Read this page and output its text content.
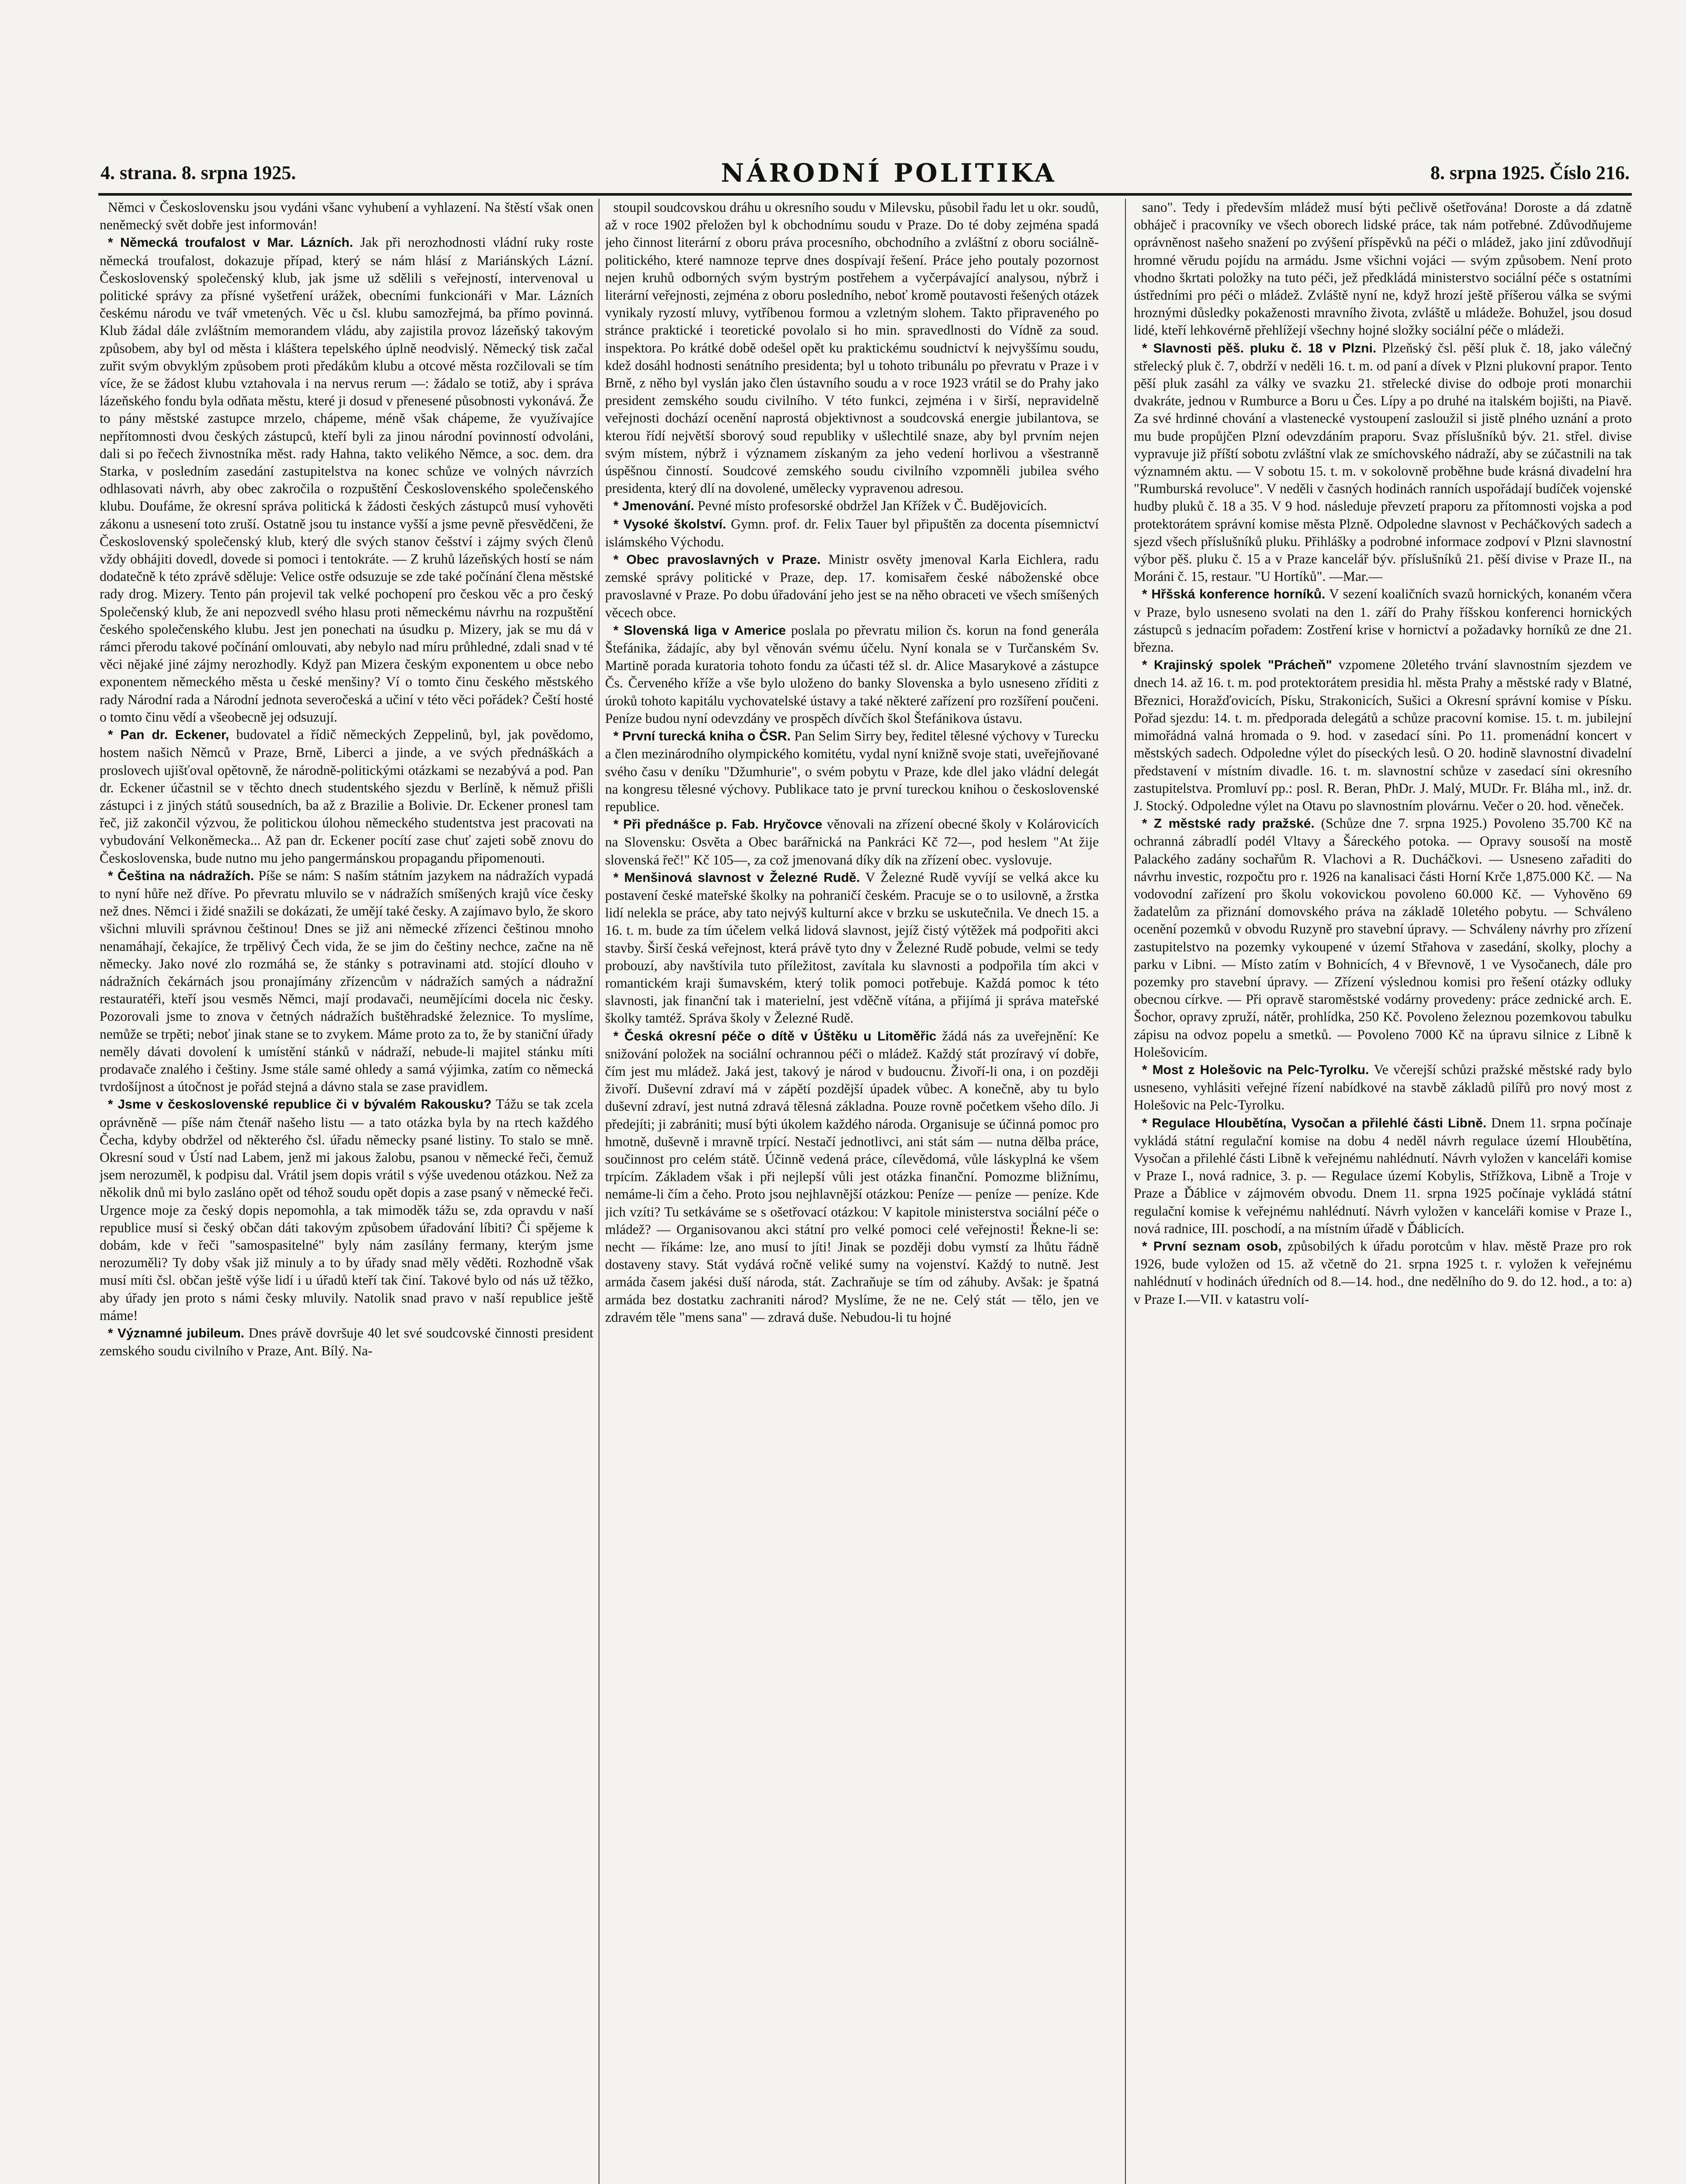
4. strana. 8. srpna 1925.	NÁRODNÍ POLITIKA	8. srpna 1925. Číslo 216.

Němci v Československu jsou vydáni všanc vyhubení a vyhlazení. Na štěstí však onen neněmecký svět dobře jest informován!

* Německá troufalost v Mar. Lázních. Jak při nerozhodnosti vládní ruky roste německá troufalost, dokazuje případ, který se nám hlásí z Mariánských Lázní. Československý společenský klub, jak jsme už sdělili s veřejností, intervenoval u politické správy za přísné vyšetření urážek, obecními funkcionáři v Mar. Lázních českému národu ve tvář vmetených. Věc u čsl. klubu samozřejmá, ba přímo povinná. Klub žádal dále zvláštním memorandem vládu, aby zajistila provoz lázeňský takovým způsobem, aby byl od města i kláštera tepelského úplně neodvislý. Německý tisk začal zuřit svým obvyklým způsobem proti předákům klubu a otcové města rozčilovali se tím více, že se žádost klubu vztahovala i na nervus rerum —: žádalo se totiž, aby i správa lázeňského fondu byla odňata městu, které ji dosud v přenesené působnosti vykonává. Že to pány městské zastupce mrzelo, chápeme, méně však chápeme, že využívajíce nepřítomnosti dvou českých zástupců, kteří byli za jinou národní povinností odvoláni, dali si po řečech živnostníka měst. rady Hahna, takto velikého Němce, a soc. dem. dra Starka, v posledním zasedání zastupitelstva na konec schůze ve volných návrzích odhlasovati návrh, aby obec zakročila o rozpuštění Československého společenského klubu. Doufáme, že okresní správa politická k žádosti českých zástupců musí vyhověti zákonu a usnesení toto zruší. Ostatně jsou tu instance vyšší a jsme pevně přesvědčeni, že Československý společenský klub, který dle svých stanov češství i zájmy svých členů vždy obhájiti dovedl, dovede si pomoci i tentokráte. — Z kruhů lázeňských hostí se nám dodatečně k této zprávě sděluje: Velice ostře odsuzuje se zde také počínání člena městské rady drog. Mizery. Tento pán projevil tak velké pochopení pro českou věc a pro český Společenský klub, že ani nepozvedl svého hlasu proti německému návrhu na rozpuštění českého společenského klubu. Jest jen ponechati na úsudku p. Mizery, jak se mu dá v rámci přerodu takové počínání omlouvati, aby nebylo nad míru průhledné, zdali snad v té věci nějaké jiné zájmy nerozhodly. Když pan Mizera českým exponentem u obce nebo exponentem německého města u české menšiny? Ví o tomto činu českého městského rady Národní rada a Národní jednota severočeská a učiní v této věci pořádek? Čeští hosté o tomto činu vědí a všeobecně jej odsuzují.

* Pan dr. Eckener, budovatel a řídič německých Zeppelinů, byl, jak povědomo, hostem našich Němců v Praze, Brně, Liberci a jinde, a ve svých přednáškách a proslovech ujišťoval opětovně, že národně-politickými otázkami se nezabývá a pod. Pan dr. Eckener účastnil se v těchto dnech studentského sjezdu v Berlíně, k němuž přišli zástupci i z jiných států sousedních, ba až z Brazilie a Bolivie. Dr. Eckener pronesl tam řeč, již zakončil výzvou, že politickou úlohou německého studentstva jest pracovati na vybudování Velkoněmecka... Až pan dr. Eckener pocítí zase chuť zajeti sobě znovu do Československa, bude nutno mu jeho pangermánskou propagandu připomenouti.

* Čeština na nádražích. Píše se nám: S naším státním jazykem na nádražích vypadá to nyní hůře než dříve. Po převratu mluvilo se v nádražích smíšených krajů více česky než dnes. Němci i židé snažili se dokázati, že umějí také česky. A zajímavo bylo, že skoro všichni mluvili správnou češtinou! Dnes se již ani německé zřízenci češtinou mnoho nenamáhají, čekajíce, že trpělivý Čech vida, že se jim do češtiny nechce, začne na ně německy. Jako nové zlo rozmáhá se, že stánky s potravinami atd. stojící dlouho v nádražních čekárnách jsou pronajímány zřízencům v nádražích samých a nádražní restauratéři, kteří jsou vesměs Němci, mají prodavači, neumějícími docela nic česky. Pozorovali jsme to znova v četných nádražích buštěhradské železnice. To myslíme, nemůže se trpěti; neboť jinak stane se to zvykem. Máme proto za to, že by staniční úřady neměly dávati dovolení k umístění stánků v nádraží, nebude-li majitel stánku míti prodavače znalého i češtiny. Jsme stále samé ohledy a samá výjimka, zatím co německá tvrdošíjnost a útočnost je pořád stejná a dávno stala se zase pravidlem.

* Jsme v československé republice či v bývalém Rakousku? Tážu se tak zcela oprávněně — píše nám čtenář našeho listu — a tato otázka byla by na rtech každého Čecha, kdyby obdržel od některého čsl. úřadu německy psané listiny. To stalo se mně. Okresní soud v Ústí nad Labem, jenž mi jakous žalobu, psanou v německé řeči, čemuž jsem nerozuměl, k podpisu dal. Vrátil jsem dopis vrátil s výše uvedenou otázkou. Než za několik dnů mi bylo zasláno opět od téhož soudu opět dopis a zase psaný v německé řeči. Urgence moje za český dopis nepomohla, a tak mimoděk tážu se, zda opravdu v naší republice musí si český občan dáti takovým způsobem úřadování líbiti? Či spějeme k dobám, kde v řeči "samospasitelné" byly nám zasílány fermany, kterým jsme nerozuměli? Ty doby však již minuly a to by úřady snad měly věděti. Rozhodně však musí míti čsl. občan ještě výše lidí i u úřadů kteří tak činí. Takové bylo od nás už těžko, aby úřady jen proto s námi česky mluvily. Natolik snad pravo v naší republice ještě máme!

* Významné jubileum. Dnes právě dovršuje 40 let své soudcovské činnosti president zemského soudu civilního v Praze, Ant. Bílý. Na-

stoupil soudcovskou dráhu u okresního soudu v Milevsku, působil řadu let u okr. soudů, až v roce 1902 přeložen byl k obchodnímu soudu v Praze. Do té doby zejména spadá jeho činnost literární z oboru práva procesního, obchodního a zvláštní z oboru sociálně-politického, které namnoze teprve dnes dospívají řešení. Práce jeho poutaly pozornost nejen kruhů odborných svým bystrým postřehem a vyčerpávající analysou, nýbrž i literární veřejnosti, zejména z oboru posledního, neboť kromě poutavosti řešených otázek vynikaly ryzostí mluvy, vytříbenou formou a vzletným slohem. Takto připraveného po stránce praktické i teoretické povolalo si ho min. spravedlnosti do Vídně za soud. inspektora. Po krátké době odešel opět ku praktickému soudnictví k nejvyššímu soudu, kdež dosáhl hodnosti senátního presidenta; byl u tohoto tribunálu po převratu v Praze i v Brně, z něho byl vyslán jako člen ústavního soudu a v roce 1923 vrátil se do Prahy jako president zemského soudu civilního. V této funkci, zejména i v širší, nepravidelně veřejnosti dochází ocenění naprostá objektivnost a soudcovská energie jubilantova, se kterou řídí největší sborový soud republiky v ušlechtilé snaze, aby byl prvním nejen svým místem, nýbrž i významem získaným za jeho vedení horlivou a všestranně úspěšnou činností. Soudcové zemského soudu civilního vzpomněli jubilea svého presidenta, který dlí na dovolené, umělecky vypravenou adresou.

* Jmenování. Pevné místo profesorské obdržel Jan Křížek v Č. Budějovicích.

* Vysoké školství. Gymn. prof. dr. Felix Tauer byl připuštěn za docenta písemnictví islámského Východu.

* Obec pravoslavných v Praze. Ministr osvěty jmenoval Karla Eichlera, radu zemské správy politické v Praze, dep. 17. komisařem české náboženské obce pravoslavné v Praze. Po dobu úřadování jeho jest se na něho obraceti ve všech smíšených věcech obce.

* Slovenská liga v Americe poslala po převratu milion čs. korun na fond generála Štefánika, žádajíc, aby byl věnován svému účelu. Nyní konala se v Turčanském Sv. Martině porada kuratoria tohoto fondu za účasti též sl. dr. Alice Masarykové a zástupce Čs. Červeného kříže a vše bylo uloženo do banky Slovenska a bylo usneseno zříditi z úroků tohoto kapitálu vychovatelské ústavy a také některé zařízení pro rozšíření poučeni. Peníze budou nyní odevzdány ve prospěch dívčích škol Štefánikova ústavu.

* První turecká kniha o ČSR. Pan Selim Sirry bey, ředitel tělesné výchovy v Turecku a člen mezinárodního olympického komitétu, vydal nyní knižně svoje stati, uveřejňované svého času v deníku "Džumhurie", o svém pobytu v Praze, kde dlel jako vládní delegát na kongresu tělesné výchovy. Publikace tato je první tureckou knihou o československé republice.

* Při přednášce p. Fab. Hryčovce věnovali na zřízení obecné školy v Kolárovicích na Slovensku: Osvěta a Obec barářnická na Pankráci Kč 72—, pod heslem "At žije slovenská řeč!" Kč 105—, za což jmenovaná díky dík na zřízení obec. vyslovuje.

* Menšinová slavnost v Železné Rudě. V Železné Rudě vyvíjí se velká akce ku postavení české mateřské školky na pohraničí českém. Pracuje se o to usilovně, a žrstka lidí nelekla se práce, aby tato nejvýš kulturní akce v brzku se uskutečnila. Ve dnech 15. a 16. t. m. bude za tím účelem velká lidová slavnost, jejíž čistý výtěžek má podpořiti akci stavby. Širší česká veřejnost, která právě tyto dny v Železné Rudě pobude, velmi se tedy probouzí, aby navštívila tuto příležitost, zavítala ku slavnosti a podpořila tím akci v romantickém kraji šumavském, který tolik pomoci potřebuje. Každá pomoc k této slavnosti, jak finanční tak i materielní, jest vděčně vítána, a přijímá ji správa mateřské školky tamtéž. Správa školy v Železné Rudě.

* Česká okresní péče o dítě v Úštěku u Litoměřic žádá nás za uveřejnění: Ke snižování položek na sociální ochrannou péči o mládež. Každý stát prozíravý ví dobře, čím jest mu mládež. Jaká jest, takový je národ v budoucnu. Živoří-li ona, i on později živoří. Duševní zdraví má v zápětí pozdější úpadek vůbec. A konečně, aby tu bylo duševní zdraví, jest nutná zdravá tělesná základna. Pouze rovně početkem všeho dílo. Ji předejíti; ji zabrániti; musí býti úkolem každého národa. Organisuje se účinná pomoc pro hmotně, duševně i mravně trpící. Nestačí jednotlivci, ani stát sám — nutna dělba práce, součinnost pro celém státě. Účinně vedená práce, cílevědomá, vůle láskyplná ke všem trpícím. Základem však i při nejlepší vůli jest otázka finanční. Pomozme bližnímu, nemáme-li čím a čeho. Proto jsou nejhlavnější otázkou: Peníze — peníze — peníze. Kde jich vzíti? Tu setkáváme se s ošetřovací otázkou: V kapitole ministerstva sociální péče o mládež? — Organisovanou akci státní pro velké pomoci celé veřejnosti! Řekne-li se: necht — říkáme: lze, ano musí to jíti! Jinak se později dobu vymstí za lhůtu řádně dostaveny stavy. Stát vydává ročně veliké sumy na vojenství. Každý to nutně. Jest armáda časem jakési duší národa, stát. Zachraňuje se tím od záhuby. Avšak: je špatná armáda bez dostatku zachraniti národ? Myslíme, že ne ne. Celý stát — tělo, jen ve zdravém těle "mens sana" — zdravá duše. Nebudou-li tu hojné

sano". Tedy i především mládež musí býti pečlivě ošetřována! Doroste a dá zdatně obháječ i pracovníky ve všech oborech lidské práce, tak nám potřebné. Zdůvodňujeme oprávněnost našeho snažení po zvýšení příspěvků na péči o mládež, jako jiní zdůvodňují hromné věrudu pojídu na armádu. Jsme všichni vojáci — svým způsobem. Není proto vhodno škrtati položky na tuto péči, jež předkládá ministerstvo sociální péče s ostatními ústředními pro péči o mládež. Zvláště nyní ne, když hrozí ještě příšerou válka se svými hroznými důsledky pokaženosti mravního života, zvláště u mládeže. Bohužel, jsou dosud lidé, kteří lehkovérně přehlížejí všechny hojné složky sociální péče o mládeži.

* Slavnosti pěš. pluku č. 18 v Plzni. Plzeňský čsl. pěší pluk č. 18, jako válečný střelecký pluk č. 7, obdrží v neděli 16. t. m. od paní a dívek v Plzni plukovní prapor. Tento pěší pluk zasáhl za války ve svazku 21. střelecké divise do odboje proti monarchii dvakráte, jednou v Rumburce a Boru u Čes. Lípy a po druhé na italském bojišti, na Piavě. Za své hrdinné chování a vlastenecké vystoupení zasloužil si jistě plného uznání a proto mu bude propůjčen Plzní odevzdáním praporu. Svaz příslušníků býv. 21. střel. divise vypravuje již příští sobotu zvláštní vlak ze smíchovského nádraží, aby se zúčastnili na tak významném aktu. — V sobotu 15. t. m. v sokolovně proběhne bude krásná divadelní hra "Rumburská revoluce". V neděli v časných hodinách ranních uspořádají budíček vojenské hudby pluků č. 18 a 35. V 9 hod. následuje převzetí praporu za přítomnosti vojska a pod protektorátem správní komise města Plzně. Odpoledne slavnost v Pecháčkových sadech a sjezd všech příslušníků pluku. Přihlášky a podrobné informace zodpoví v Plzni slavnostní výbor pěš. pluku č. 15 a v Praze kancelář býv. příslušníků 21. pěší divise v Praze II., na Moráni č. 15, restaur. "U Hortíků". —Mar.—

* Hřšská konference horníků. V sezení koaličních svazů hornických, konaném včera v Praze, bylo usneseno svolati na den 1. září do Prahy říšskou konferenci hornických zástupců s jednacím pořadem: Zostření krise v hornictví a požadavky horníků ze dne 21. března.

* Krajinský spolek "Prácheň" vzpomene 20letého trvání slavnostním sjezdem ve dnech 14. až 16. t. m. pod protektorátem presidia hl. města Prahy a městské rady v Blatné, Březnici, Horažďovicích, Písku, Strakonicích, Sušici a Okresní správní komise v Písku. Pořad sjezdu: 14. t. m. předporada delegátů a schůze pracovní komise. 15. t. m. jubilejní mimořádná valná hromada o 9. hod. v zasedací síni. Po 11. promenádní koncert v městských sadech. Odpoledne výlet do píseckých lesů. O 20. hodině slavnostní divadelní představení v místním divadle. 16. t. m. slavnostní schůze v zasedací síni okresního zastupitelstva. Promluví pp.: posl. R. Beran, PhDr. J. Malý, MUDr. Fr. Bláha ml., inž. dr. J. Stocký. Odpoledne výlet na Otavu po slavnostním plovárnu. Večer o 20. hod. věneček.

* Z městské rady pražské. (Schůze dne 7. srpna 1925.) Povoleno 35.700 Kč na ochranná zábradlí podél Vltavy a Šáreckého potoka. — Opravy sousoší na mostě Palackého zadány sochařům R. Vlachovi a R. Ducháčkovi. — Usneseno zařaditi do návrhu investic, rozpočtu pro r. 1926 na kanalisaci části Horní Krče 1,875.000 Kč. — Na vodovodní zařízení pro školu vokovickou povoleno 60.000 Kč. — Vyhověno 69 žadatelům za přiznání domovského práva na základě 10letého pobytu. — Schváleno ocenění pozemků v obvodu Ruzyně pro stavební úpravy. — Schváleny návrhy pro zřízení zastupitelstvo na pozemky vykoupené v území Střahova v zasedání, skolky, plochy a parku v Libni. — Místo zatím v Bohnicích, 4 v Břevnově, 1 ve Vysočanech, dále pro pozemky pro stavební úpravy. — Zřízení výslednou komisi pro řešení otázky odluky obecnou církve. — Při opravě staroměstské vodárny provedeny: práce zednické arch. E. Šochor, opravy zpruží, nátěr, prohlídka, 250 Kč. Povoleno železnou pozemkovou tabulku zápisu na odvoz popelu a smetků. — Povoleno 7000 Kč na úpravu silnice z Libně k Holešovicím.

* Most z Holešovic na Pelc-Tyrolku. Ve včerejší schůzi pražské městské rady bylo usneseno, vyhlásiti veřejné řízení nabídkové na stavbě základů pilířů pro nový most z Holešovic na Pelc-Tyrolku.

* Regulace Hloubětína, Vysočan a přilehlé části Libně. Dnem 11. srpna počínaje vykládá státní regulační komise na dobu 4 neděl návrh regulace území Hloubětína, Vysočan a přilehlé části Libně k veřejnému nahlédnutí. Návrh vyložen v kanceláři komise v Praze I., nová radnice, 3. p. — Regulace území Kobylis, Střížkova, Libně a Troje v Praze a Ďáblice v zájmovém obvodu. Dnem 11. srpna 1925 počínaje vykládá státní regulační komise k veřejnému nahlédnutí. Návrh vyložen v kanceláři komise v Praze I., nová radnice, III. poschodí, a na místním úřadě v Ďáblicích.

* První seznam osob, způsobilých k úřadu porotcům v hlav. městě Praze pro rok 1926, bude vyložen od 15. až včetně do 21. srpna 1925 t. r. vyložen k veřejnému nahlédnutí v hodinách úředních od 8.—14. hod., dne nedělního do 9. do 12. hod., a to: a) v Praze I.—VII. v katastru volí-
